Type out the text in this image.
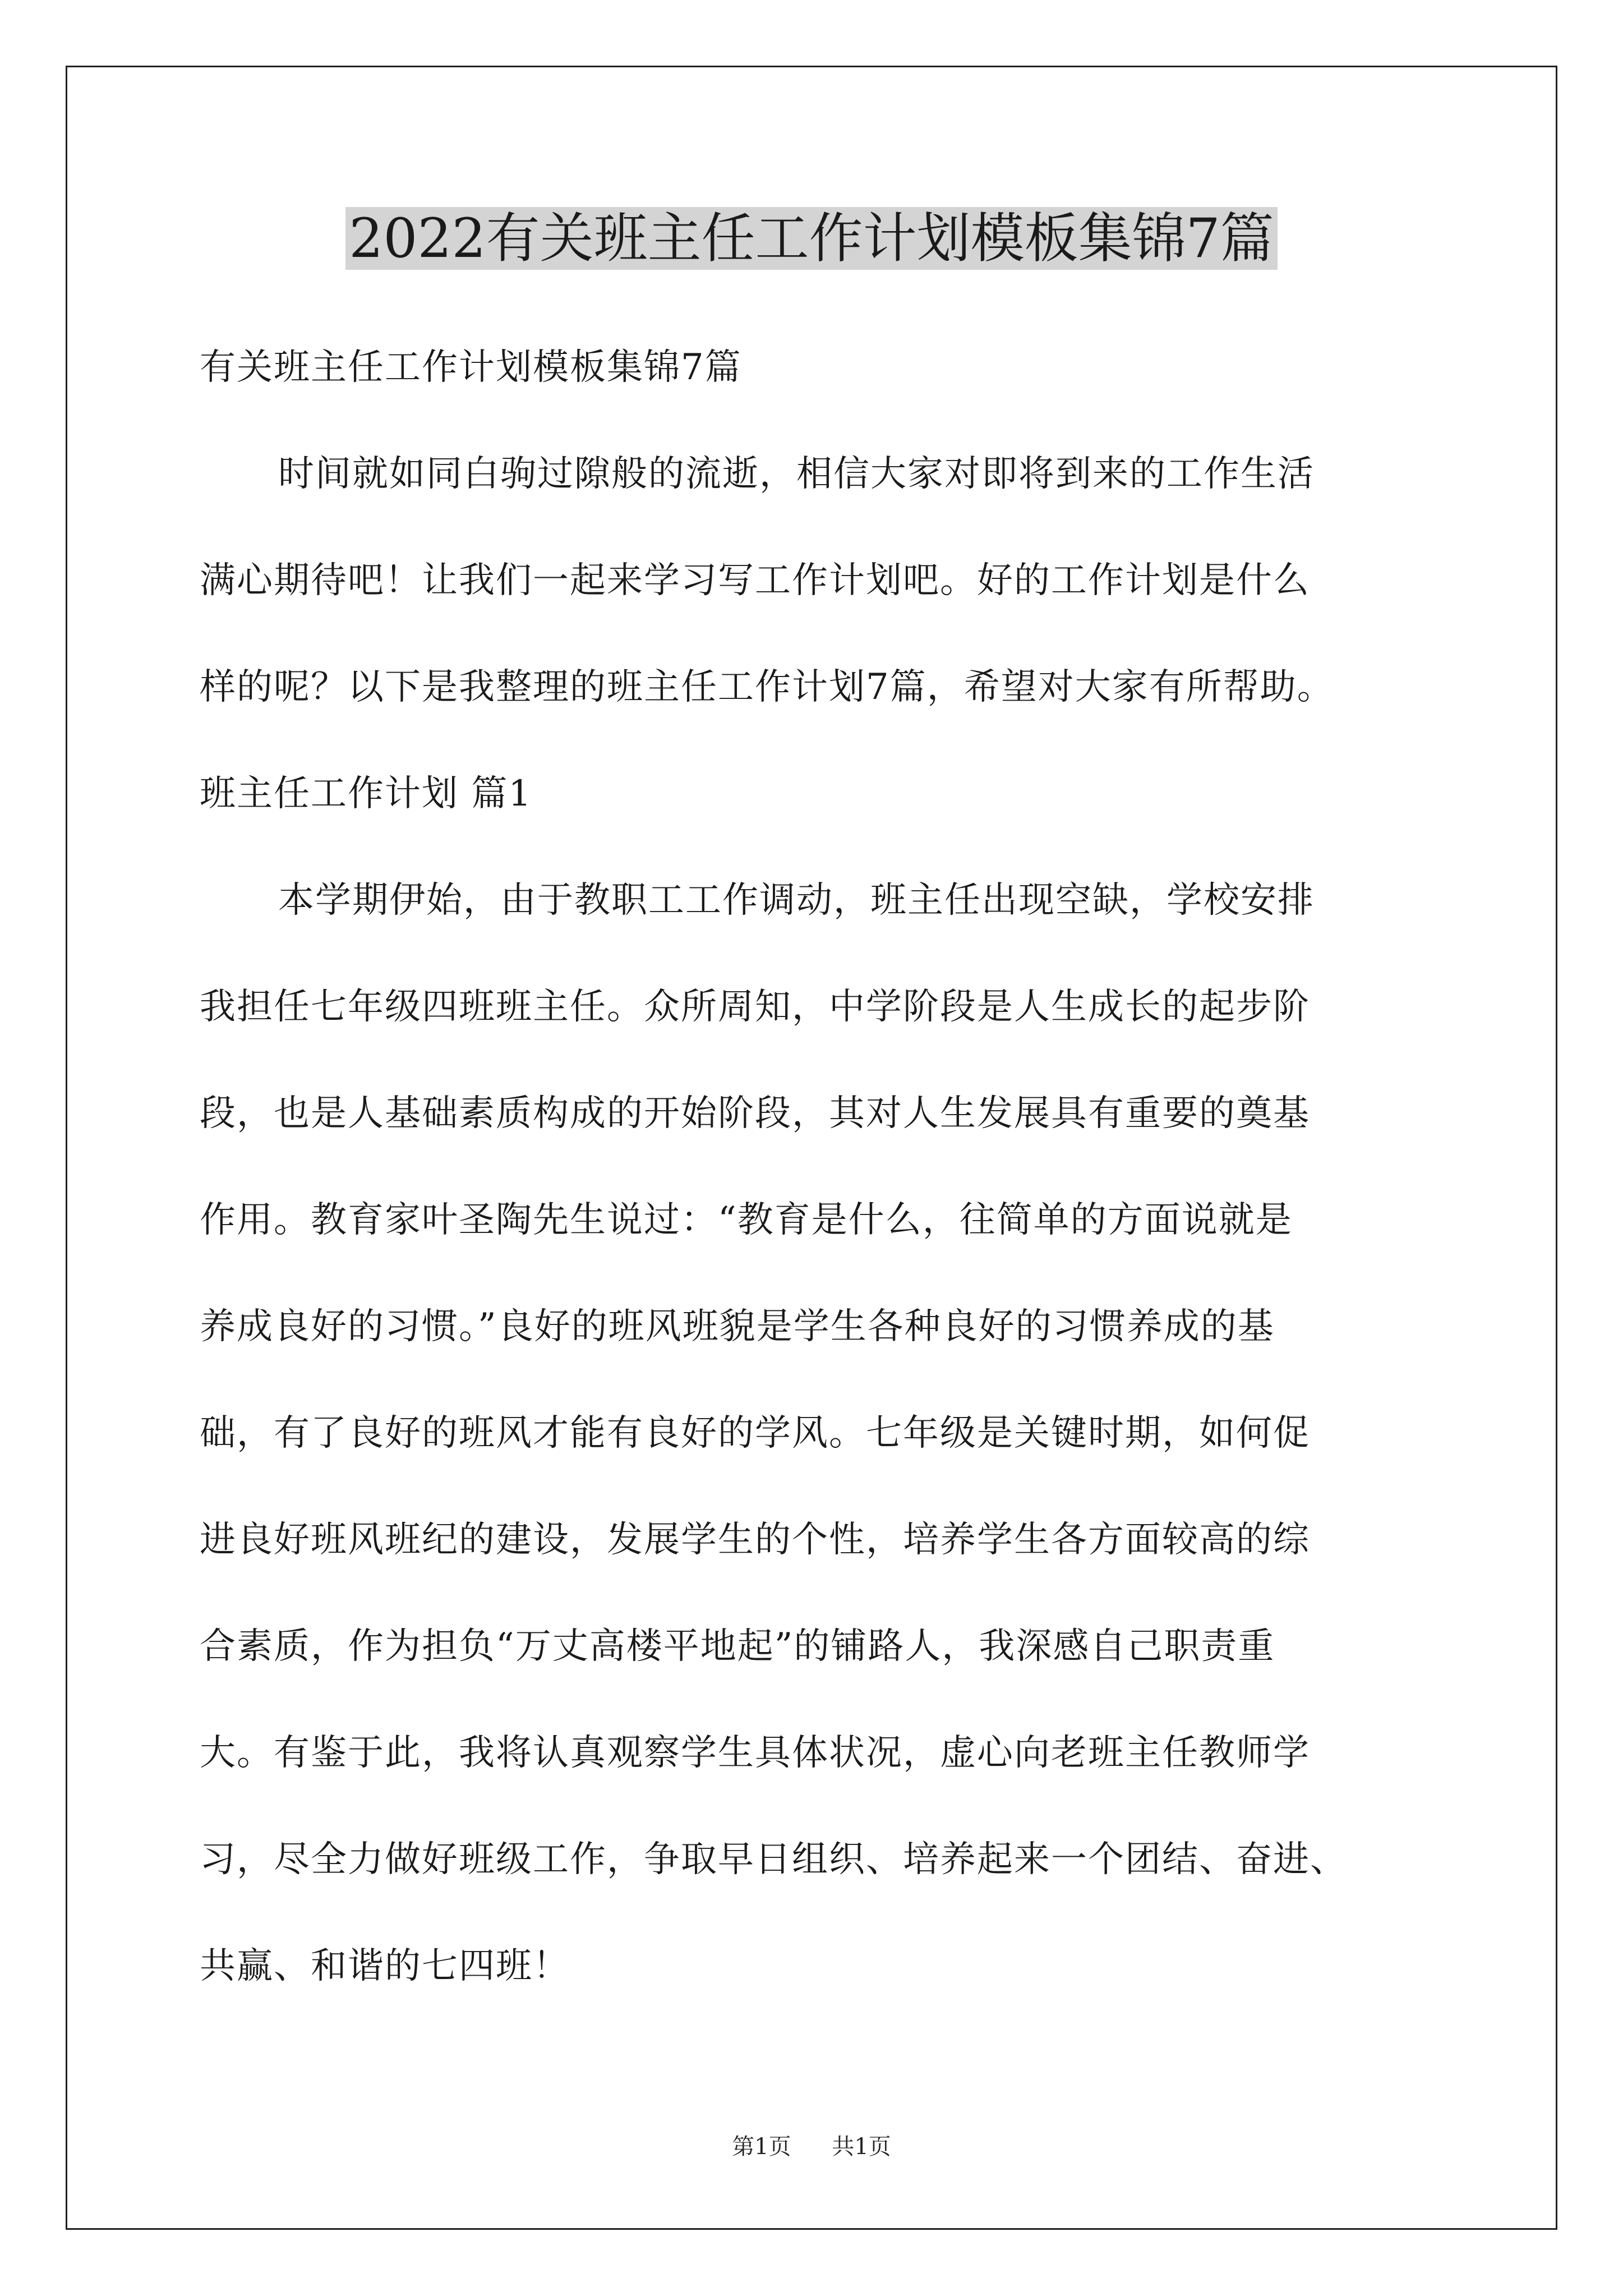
2022有关班主任工作计划模板集锦7篇
有关班主任工作计划模板集锦7篇
时间就如同白驹过隙般的流逝，相信大家对即将到来的工作生活
满心期待吧！让我们一起来学习写工作计划吧。好的工作计划是什么
样的呢？以下是我整理的班主任工作计划7篇，希望对大家有所帮助。
班主任工作计划 篇1
本学期伊始，由于教职工工作调动，班主任出现空缺，学校安排
我担任七年级四班班主任。众所周知，中学阶段是人生成长的起步阶
段，也是人基础素质构成的开始阶段，其对人生发展具有重要的奠基
作用。教育家叶圣陶先生说过：“教育是什么，往简单的方面说就是
养成良好的习惯。”良好的班风班貌是学生各种良好的习惯养成的基
础，有了良好的班风才能有良好的学风。七年级是关键时期，如何促
进良好班风班纪的建设，发展学生的个性，培养学生各方面较高的综
合素质，作为担负“万丈高楼平地起”的铺路人，我深感自己职责重
大。有鉴于此，我将认真观察学生具体状况，虚心向老班主任教师学
习，尽全力做好班级工作，争取早日组织、培养起来一个团结、奋进、
共赢、和谐的七四班！
第1页 共1页
